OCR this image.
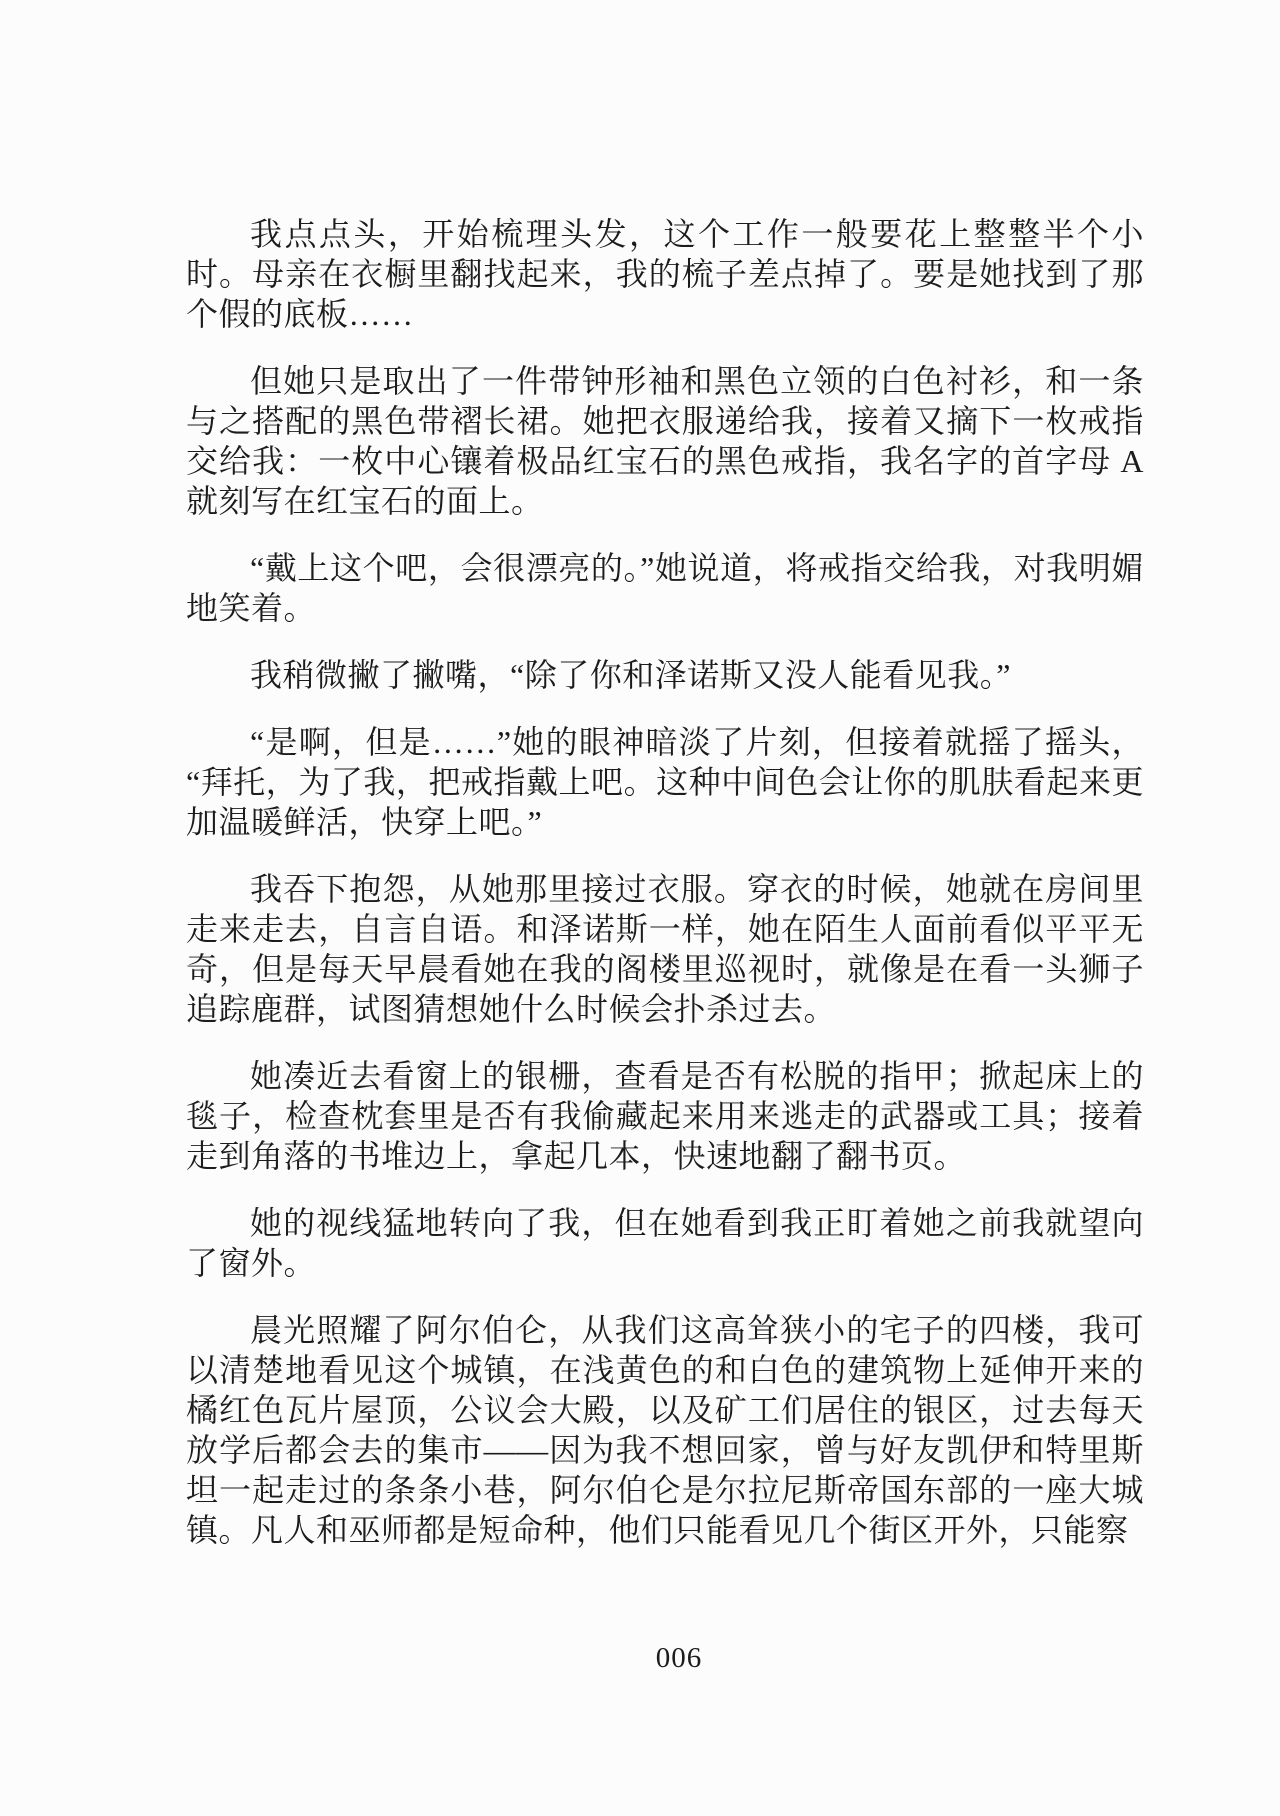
我点点头，开始梳理头发，这个工作一般要花上整整半个小时。母亲在衣橱里翻找起来，我的梳子差点掉了。要是她找到了那个假的底板……

但她只是取出了一件带钟形袖和黑色立领的白色衬衫，和一条与之搭配的黑色带褶长裙。她把衣服递给我，接着又摘下一枚戒指交给我：一枚中心镶着极品红宝石的黑色戒指，我名字的首字母 A 就刻写在红宝石的面上。

“戴上这个吧，会很漂亮的。”她说道，将戒指交给我，对我明媚地笑着。

我稍微撇了撇嘴，“除了你和泽诺斯又没人能看见我。”

“是啊，但是……”她的眼神暗淡了片刻，但接着就摇了摇头，“拜托，为了我，把戒指戴上吧。这种中间色会让你的肌肤看起来更加温暖鲜活，快穿上吧。”

我吞下抱怨，从她那里接过衣服。穿衣的时候，她就在房间里走来走去，自言自语。和泽诺斯一样，她在陌生人面前看似平平无奇，但是每天早晨看她在我的阁楼里巡视时，就像是在看一头狮子追踪鹿群，试图猜想她什么时候会扑杀过去。

她凑近去看窗上的银栅，查看是否有松脱的指甲；掀起床上的毯子，检查枕套里是否有我偷藏起来用来逃走的武器或工具；接着走到角落的书堆边上，拿起几本，快速地翻了翻书页。

她的视线猛地转向了我，但在她看到我正盯着她之前我就望向了窗外。

晨光照耀了阿尔伯仑，从我们这高耸狭小的宅子的四楼，我可以清楚地看见这个城镇，在浅黄色的和白色的建筑物上延伸开来的橘红色瓦片屋顶，公议会大殿，以及矿工们居住的银区，过去每天放学后都会去的集市——因为我不想回家，曾与好友凯伊和特里斯坦一起走过的条条小巷，阿尔伯仑是尔拉尼斯帝国东部的一座大城镇。凡人和巫师都是短命种，他们只能看见几个街区开外，只能察

006
